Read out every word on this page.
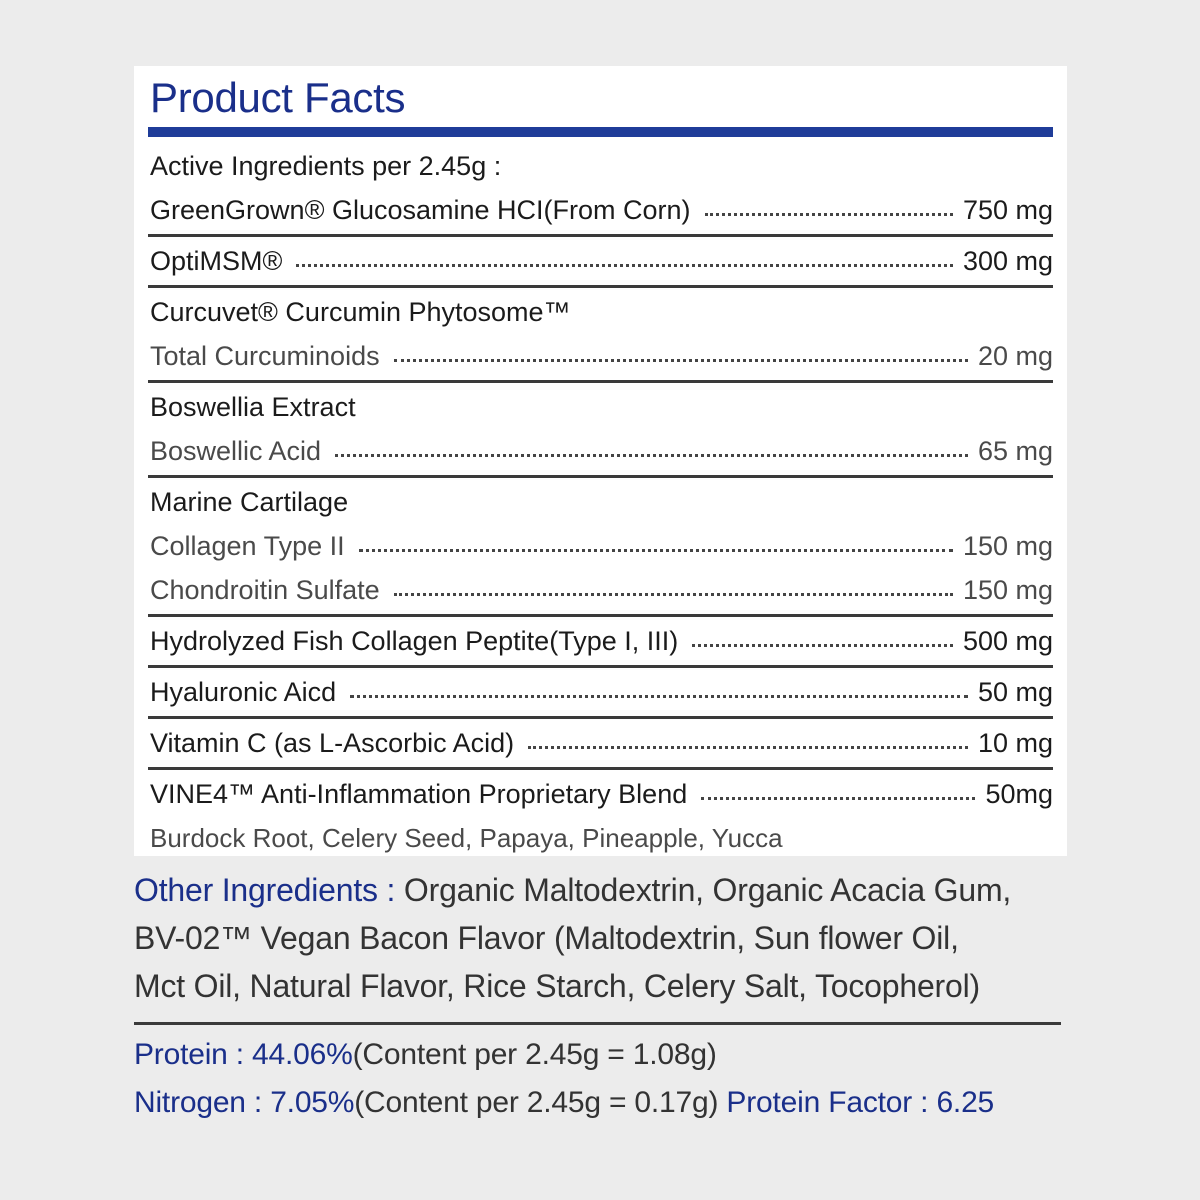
Product Facts
Active Ingredients per 2.45g :
GreenGrown® Glucosamine HCI(From Corn)	750 mg
OptiMSM®	300 mg
Curcuvet® Curcumin Phytosome™
Total Curcuminoids	20 mg
Boswellia Extract
Boswellic Acid	65 mg
Marine Cartilage
Collagen Type II	150 mg
Chondroitin Sulfate	150 mg
Hydrolyzed Fish Collagen Peptite(Type I, III)	500 mg
Hyaluronic Aicd	50 mg
Vitamin C (as L-Ascorbic Acid)	10 mg
VINE4™ Anti-Inflammation Proprietary Blend	50mg
Burdock Root, Celery Seed, Papaya, Pineapple, Yucca
Other Ingredients : Organic Maltodextrin, Organic Acacia Gum,
BV-02™ Vegan Bacon Flavor (Maltodextrin, Sun flower Oil,
Mct Oil, Natural Flavor, Rice Starch, Celery Salt, Tocopherol)
Protein : 44.06%(Content per 2.45g = 1.08g)
Nitrogen : 7.05%(Content per 2.45g = 0.17g) Protein Factor : 6.25
